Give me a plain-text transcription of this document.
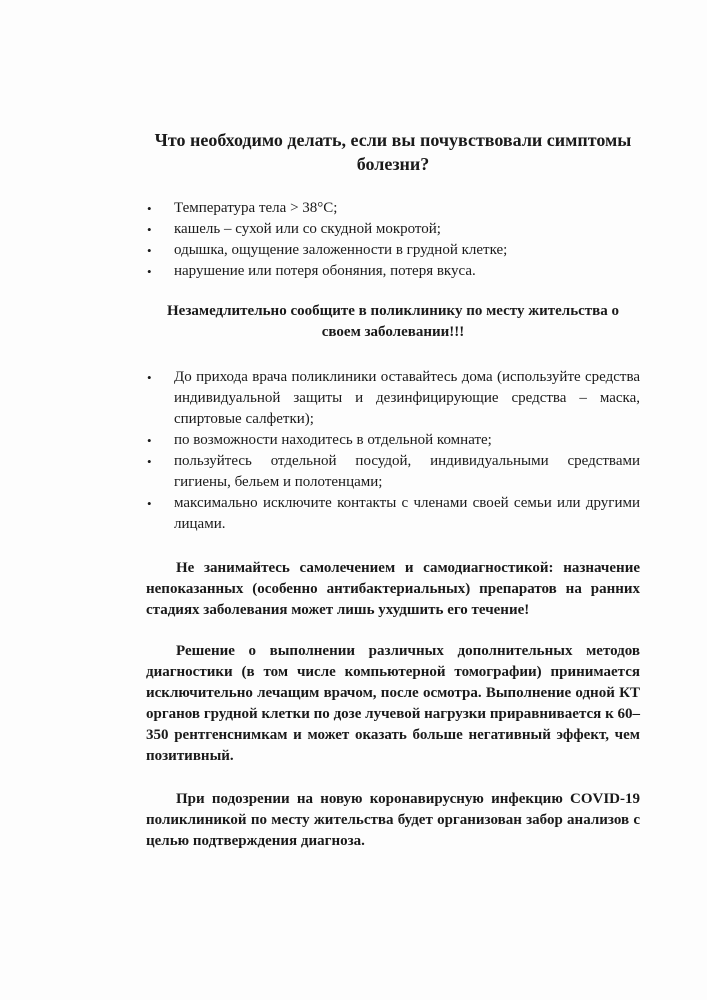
Что необходимо делать, если вы почувствовали симптомы болезни?
• Температура тела > 38°С;
• кашель – сухой или со скудной мокротой;
• одышка, ощущение заложенности в грудной клетке;
• нарушение или потеря обоняния, потеря вкуса.
Незамедлительно сообщите в поликлинику по месту жительства о своем заболевании!!!
• До прихода врача поликлиники оставайтесь дома (используйте средства индивидуальной защиты и дезинфицирующие средства – маска, спиртовые салфетки);
• по возможности находитесь в отдельной комнате;
• пользуйтесь отдельной посудой, индивидуальными средствами гигиены, бельем и полотенцами;
• максимально исключите контакты с членами своей семьи или другими лицами.

Не занимайтесь самолечением и самодиагностикой: назначение непоказанных (особенно антибактериальных) препаратов на ранних стадиях заболевания может лишь ухудшить его течение!

Решение о выполнении различных дополнительных методов диагностики (в том числе компьютерной томографии) принимается исключительно лечащим врачом, после осмотра. Выполнение одной КТ органов грудной клетки по дозе лучевой нагрузки приравнивается к 60–350 рентгенснимкам и может оказать больше негативный эффект, чем позитивный.

При подозрении на новую коронавирусную инфекцию COVID-19 поликлиникой по месту жительства будет организован забор анализов с целью подтверждения диагноза.
